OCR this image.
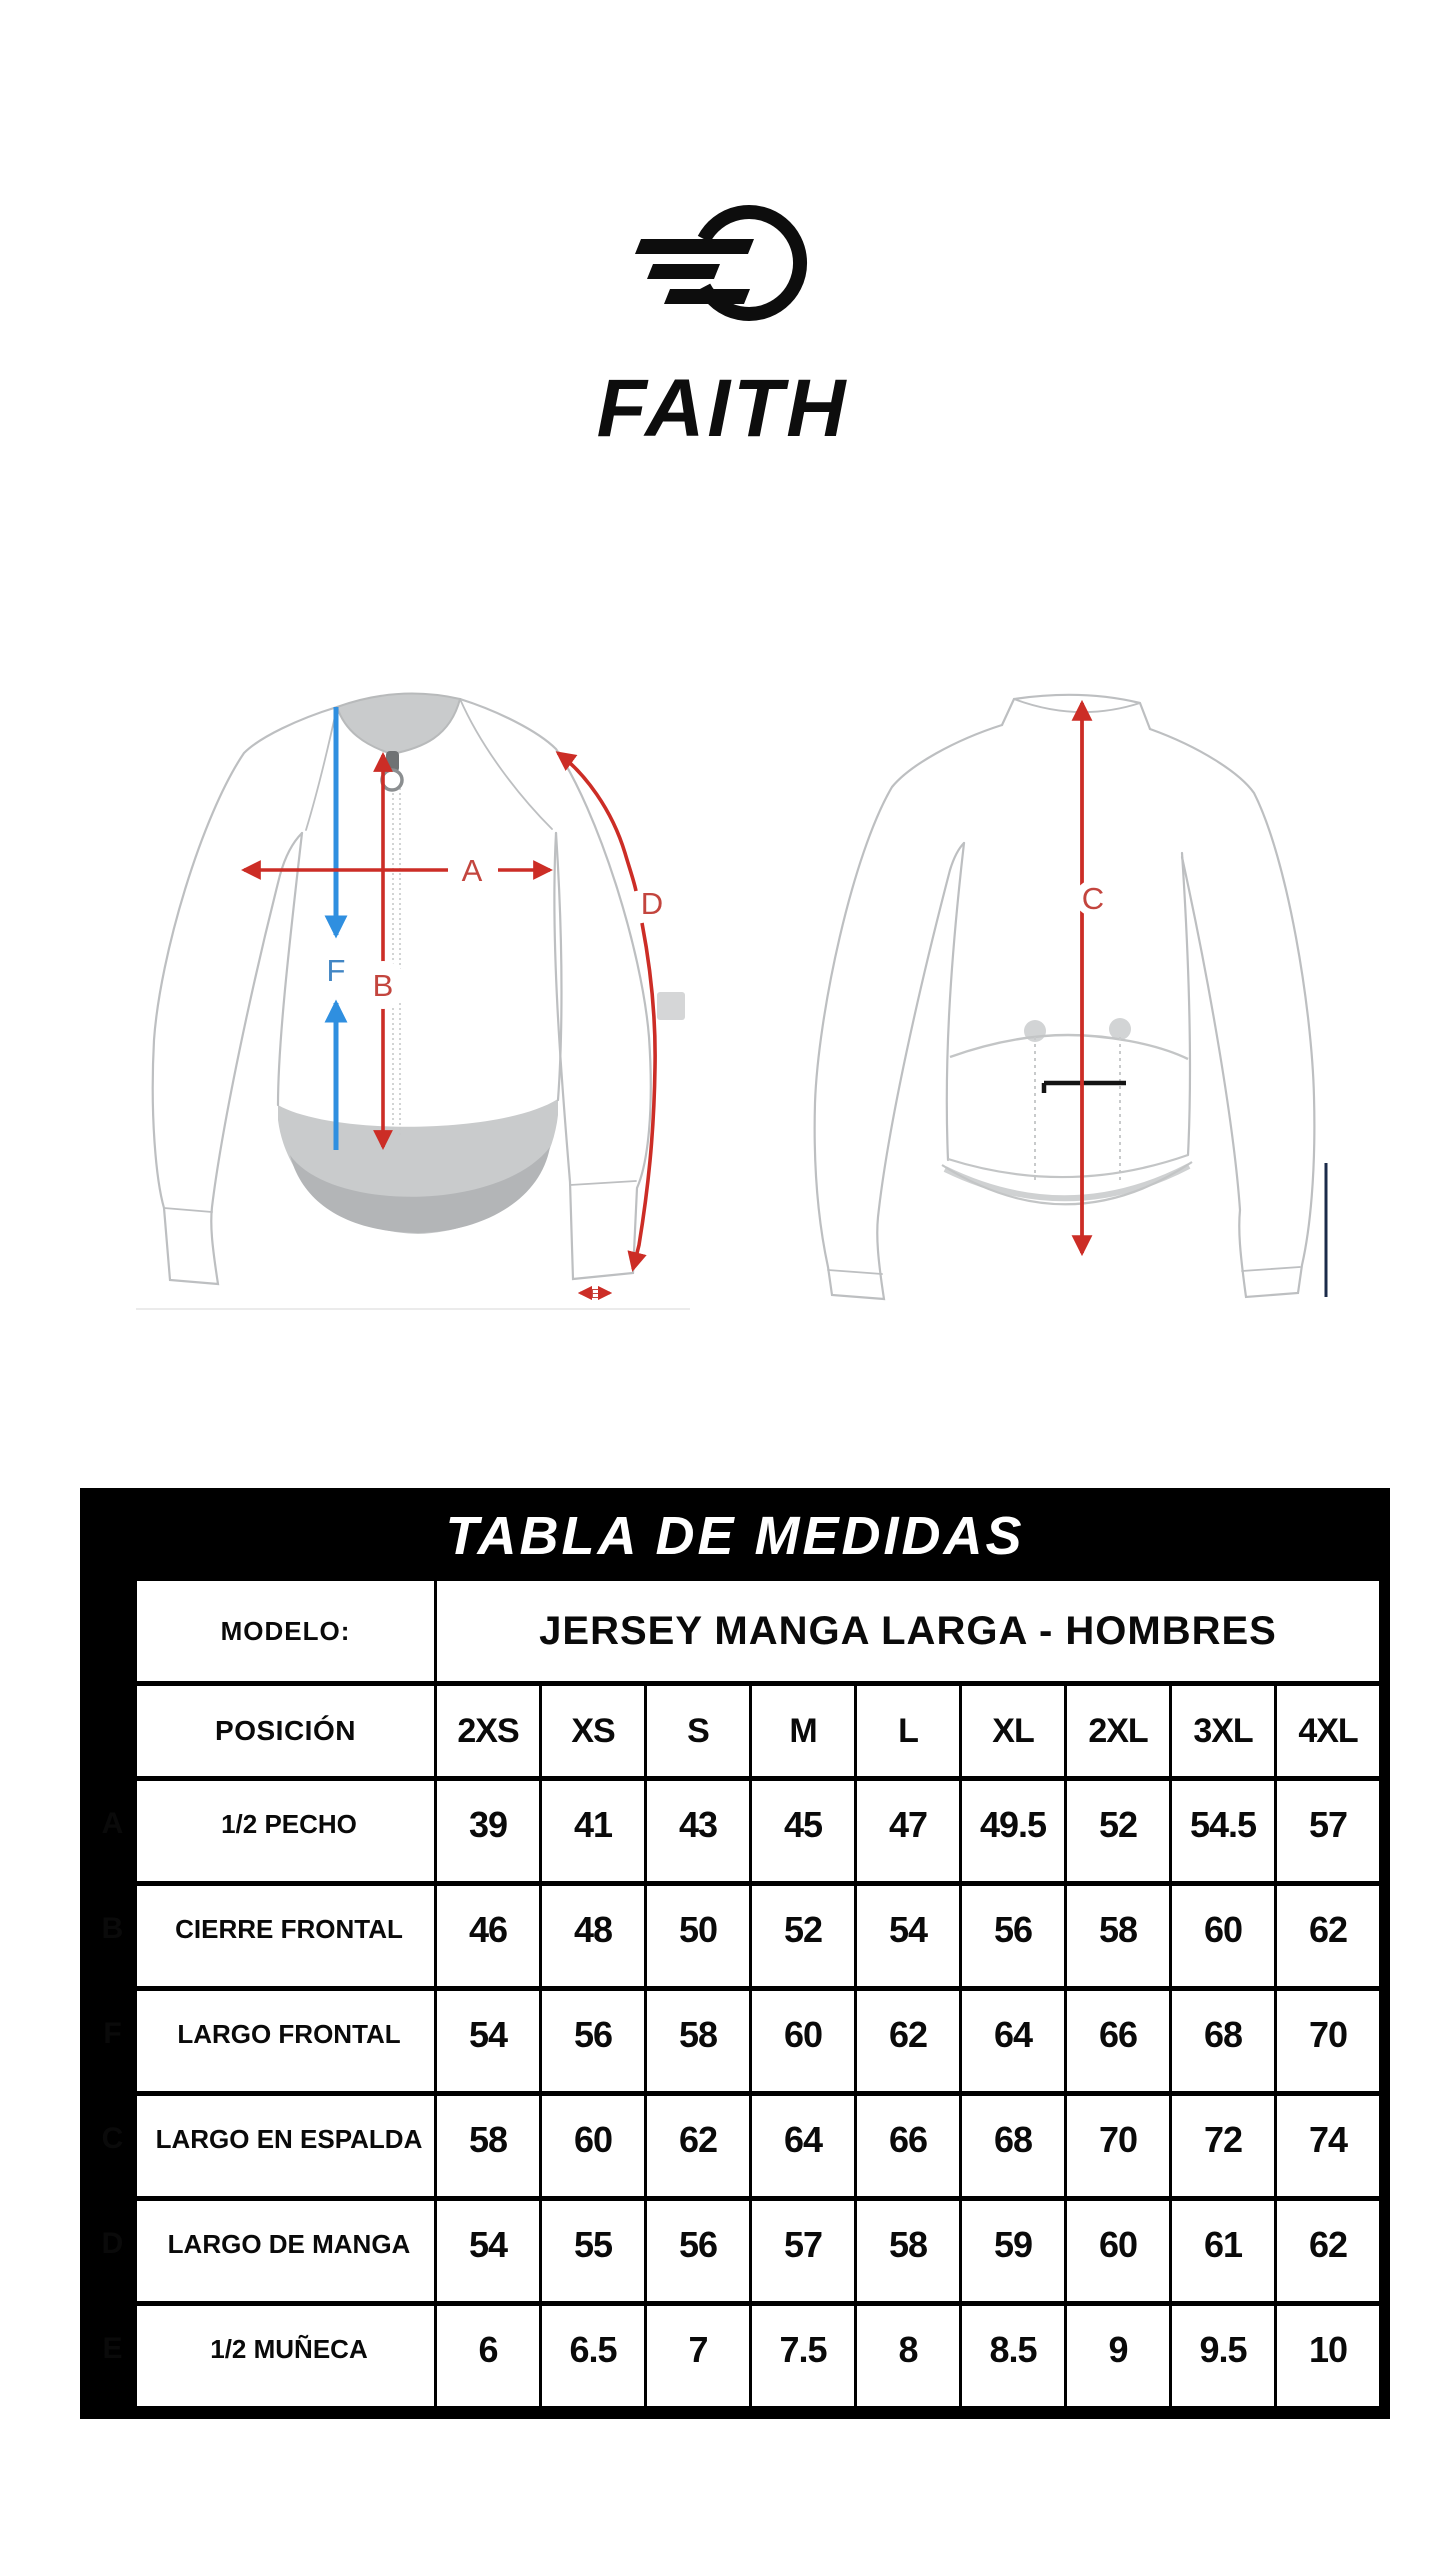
FAITH
F B
A
D
E
C
TABLA DE MEDIDAS
	MODELO:	JERSEY MANGA LARGA - HOMBRES								
	POSICIÓN	2XS	XS	S	M	L	XL	2XL	3XL	4XL
A	1/2 PECHO	39	41	43	45	47	49.5	52	54.5	57
B	CIERRE FRONTAL	46	48	50	52	54	56	58	60	62
F	LARGO FRONTAL	54	56	58	60	62	64	66	68	70
C	LARGO EN ESPALDA	58	60	62	64	66	68	70	72	74
D	LARGO DE MANGA	54	55	56	57	58	59	60	61	62
E	1/2 MUÑECA	6	6.5	7	7.5	8	8.5	9	9.5	10
